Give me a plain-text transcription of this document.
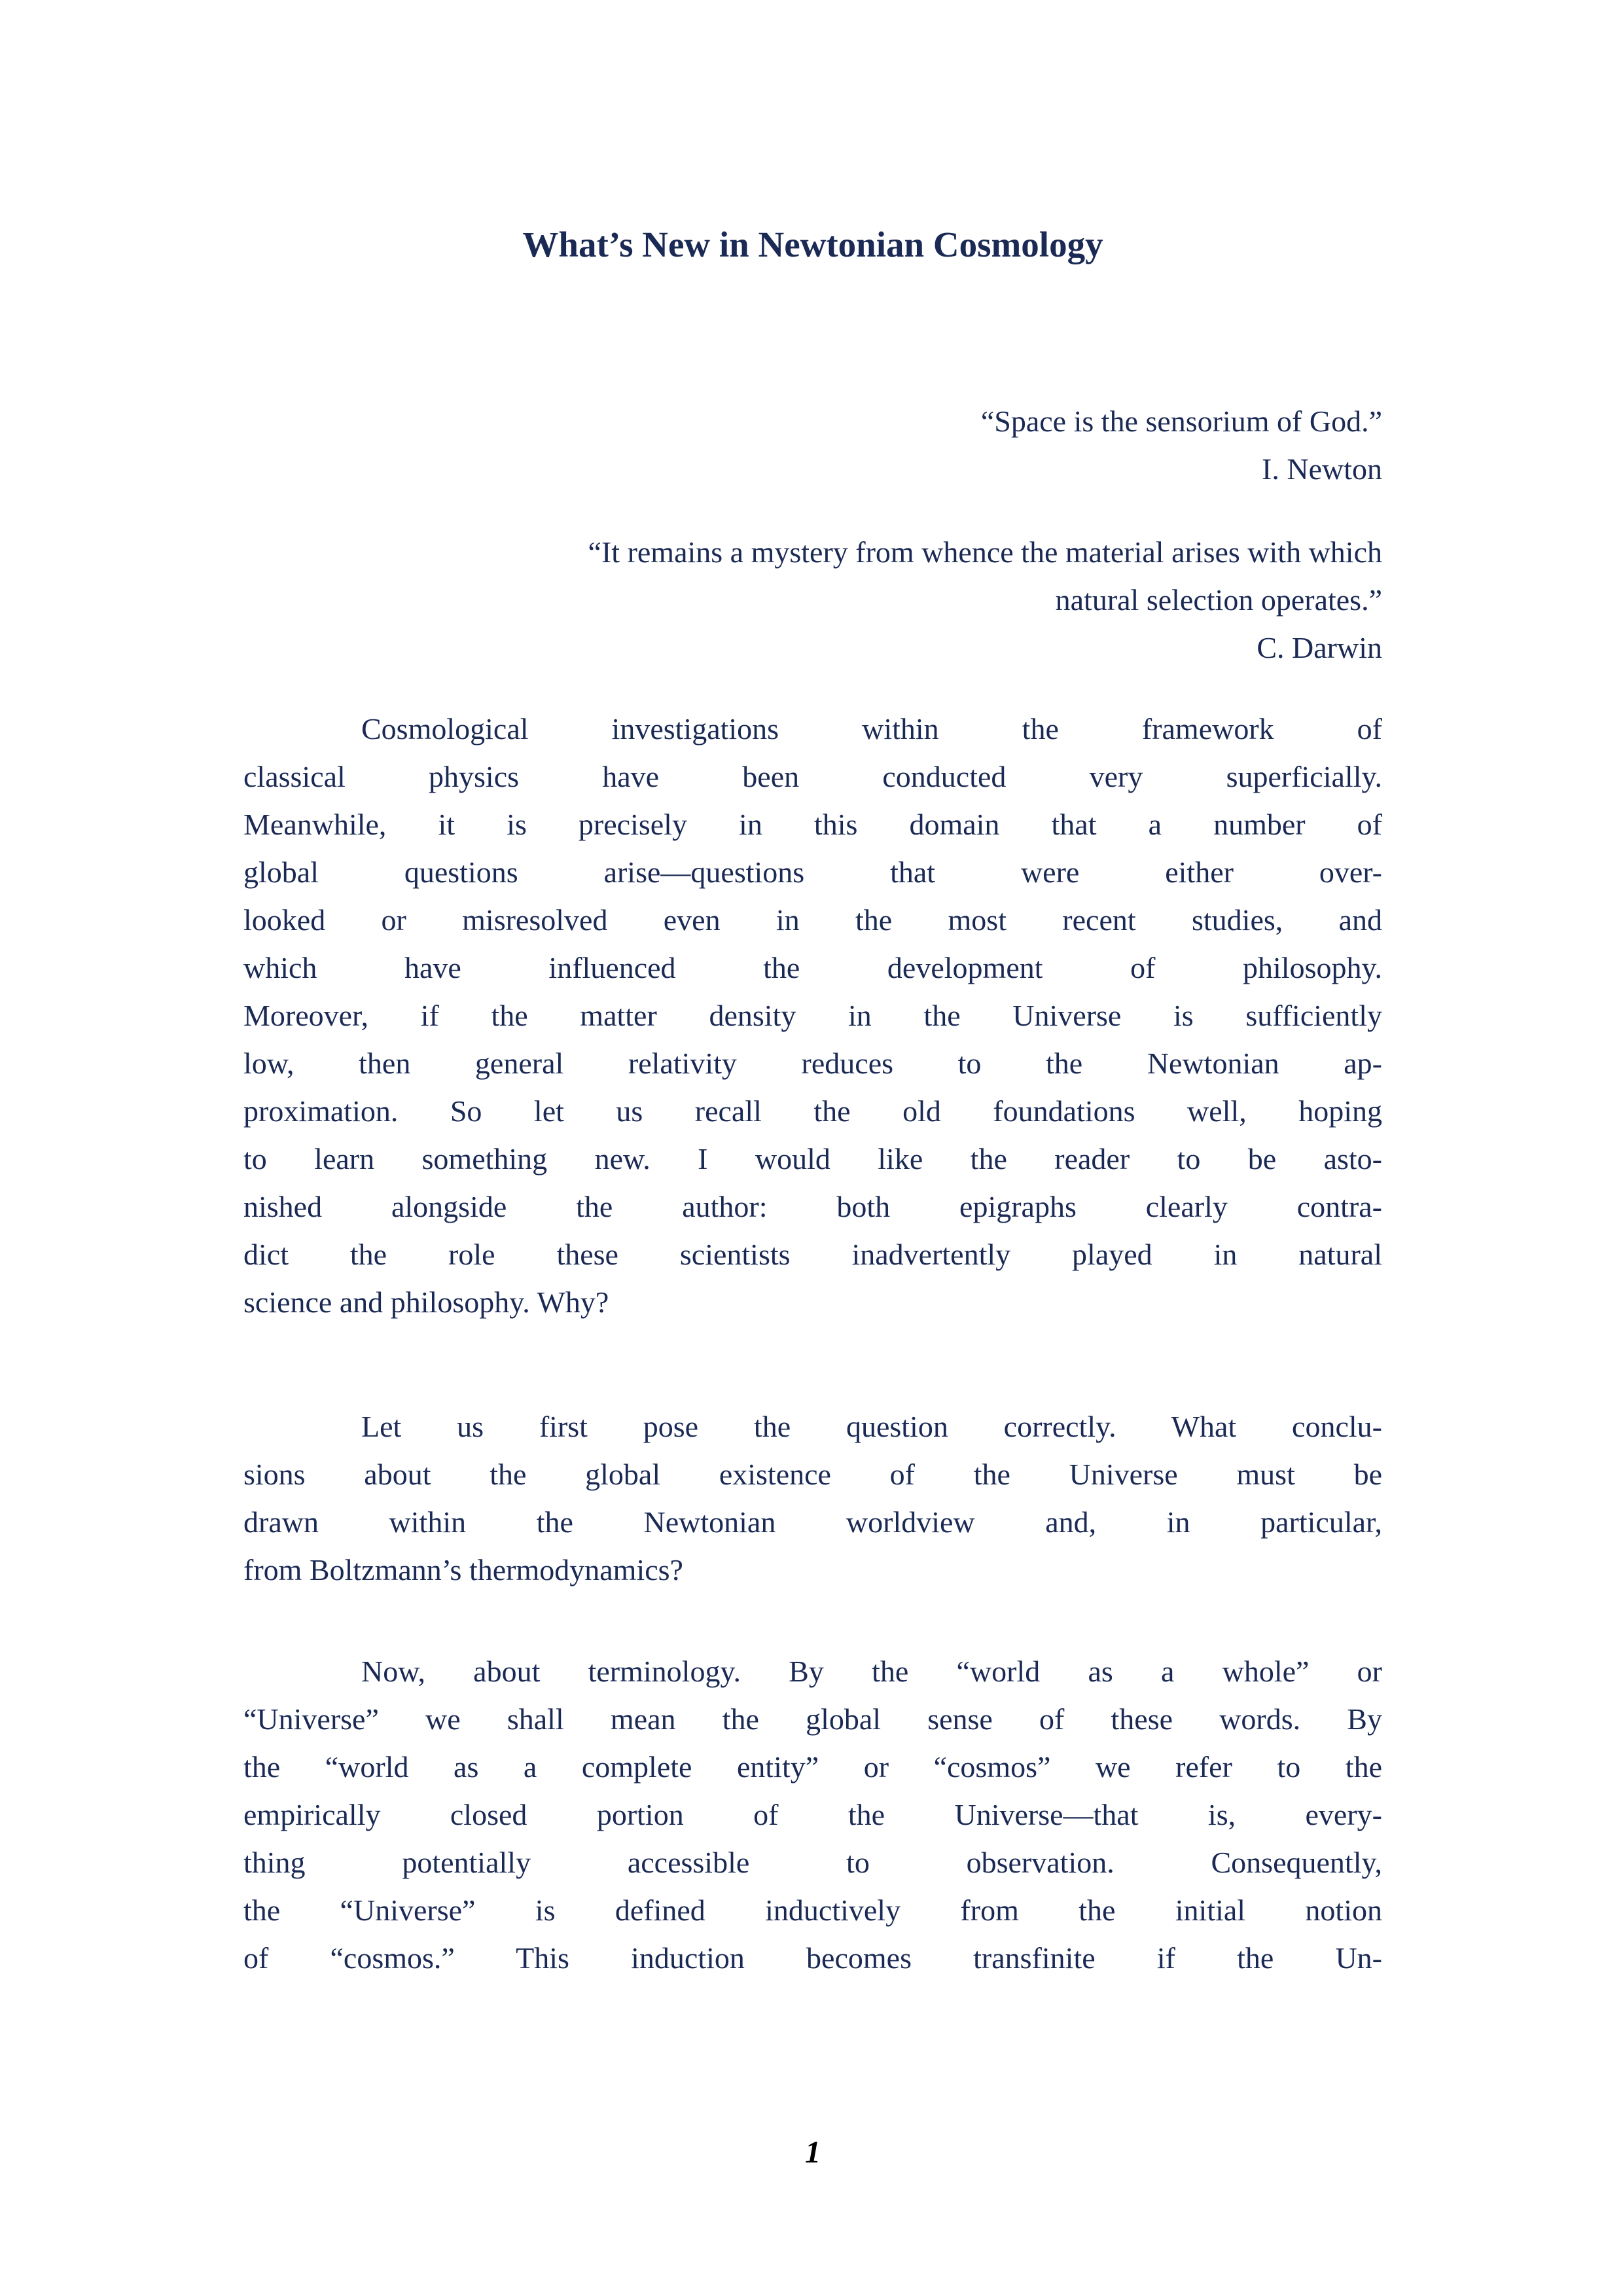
What’s New in Newtonian Cosmology
“Space is the sensorium of God.”
I. Newton
“It remains a mystery from whence the material arises with which
natural selection operates.”
C. Darwin
Cosmological investigations within the framework of
classical physics have been conducted very superficially.
Meanwhile, it is precisely in this domain that a number of
global questions arise—questions that were either over-
looked or misresolved even in the most recent studies, and
which have influenced the development of philosophy.
Moreover, if the matter density in the Universe is sufficiently
low, then general relativity reduces to the Newtonian ap-
proximation. So let us recall the old foundations well, hoping
to learn something new. I would like the reader to be asto-
nished alongside the author: both epigraphs clearly contra-
dict the role these scientists inadvertently played in natural
science and philosophy. Why?
Let us first pose the question correctly. What conclu-
sions about the global existence of the Universe must be
drawn within the Newtonian worldview and, in particular,
from Boltzmann’s thermodynamics?
Now, about terminology. By the “world as a whole” or
“Universe” we shall mean the global sense of these words. By
the “world as a complete entity” or “cosmos” we refer to the
empirically closed portion of the Universe—that is, every-
thing potentially accessible to observation. Consequently,
the “Universe” is defined inductively from the initial notion
of “cosmos.” This induction becomes transfinite if the Un-
1
